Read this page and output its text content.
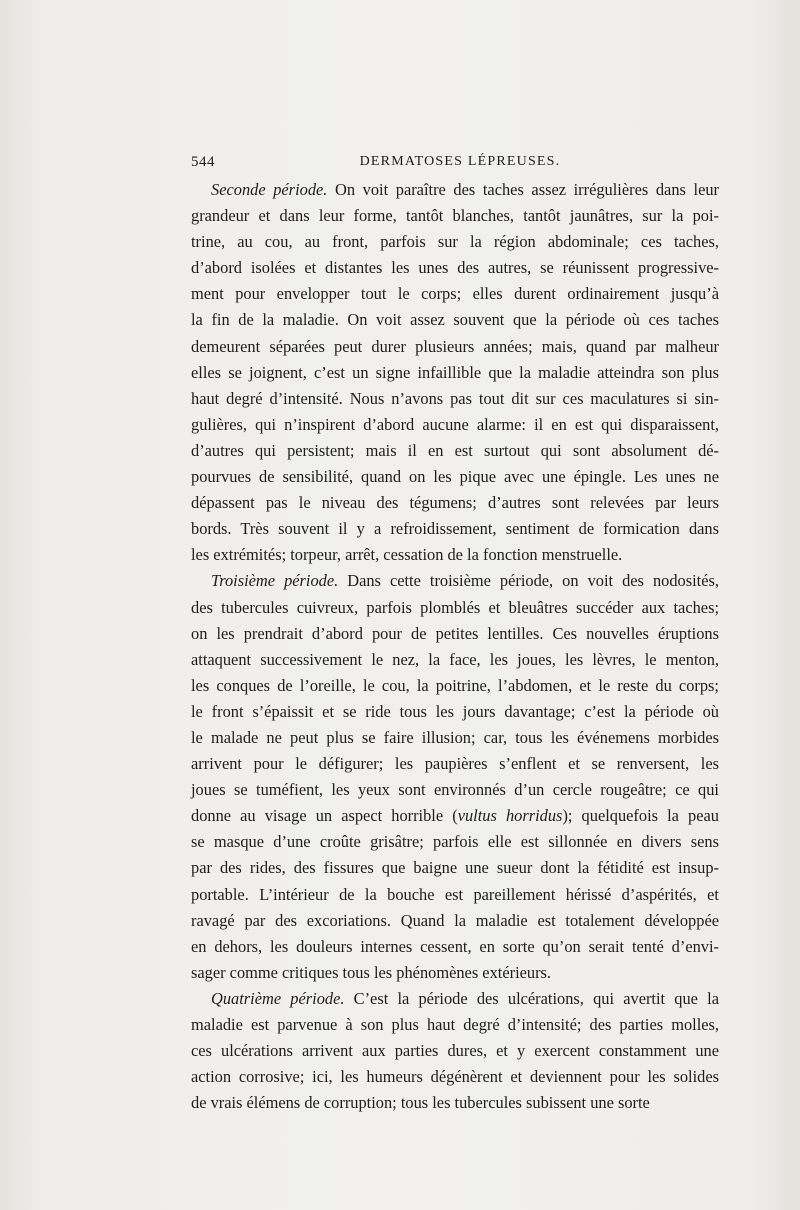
544	DERMATOSES LÉPREUSES.
Seconde période. On voit paraître des taches assez irrégulières dans leur
grandeur et dans leur forme, tantôt blanches, tantôt jaunâtres, sur la poi-
trine, au cou, au front, parfois sur la région abdominale; ces taches,
d’abord isolées et distantes les unes des autres, se réunissent progressive-
ment pour envelopper tout le corps; elles durent ordinairement jusqu’à
la fin de la maladie. On voit assez souvent que la période où ces taches
demeurent séparées peut durer plusieurs années; mais, quand par malheur
elles se joignent, c’est un signe infaillible que la maladie atteindra son plus
haut degré d’intensité. Nous n’avons pas tout dit sur ces maculatures si sin-
gulières, qui n’inspirent d’abord aucune alarme: il en est qui disparaissent,
d’autres qui persistent; mais il en est surtout qui sont absolument dé-
pourvues de sensibilité, quand on les pique avec une épingle. Les unes ne
dépassent pas le niveau des tégumens; d’autres sont relevées par leurs
bords. Très souvent il y a refroidissement, sentiment de formication dans
les extrémités; torpeur, arrêt, cessation de la fonction menstruelle.
Troisième période. Dans cette troisième période, on voit des nodosités,
des tubercules cuivreux, parfois plomblés et bleuâtres succéder aux taches;
on les prendrait d’abord pour de petites lentilles. Ces nouvelles éruptions
attaquent successivement le nez, la face, les joues, les lèvres, le menton,
les conques de l’oreille, le cou, la poitrine, l’abdomen, et le reste du corps;
le front s’épaissit et se ride tous les jours davantage; c’est la période où
le malade ne peut plus se faire illusion; car, tous les événemens morbides
arrivent pour le défigurer; les paupières s’enflent et se renversent, les
joues se tuméfient, les yeux sont environnés d’un cercle rougeâtre; ce qui
donne au visage un aspect horrible (vultus horridus); quelquefois la peau
se masque d’une croûte grisâtre; parfois elle est sillonnée en divers sens
par des rides, des fissures que baigne une sueur dont la fétidité est insup-
portable. L’intérieur de la bouche est pareillement hérissé d’aspérités, et
ravagé par des excoriations. Quand la maladie est totalement développée
en dehors, les douleurs internes cessent, en sorte qu’on serait tenté d’envi-
sager comme critiques tous les phénomènes extérieurs.
Quatrième période. C’est la période des ulcérations, qui avertit que la
maladie est parvenue à son plus haut degré d’intensité; des parties molles,
ces ulcérations arrivent aux parties dures, et y exercent constamment une
action corrosive; ici, les humeurs dégénèrent et deviennent pour les solides
de vrais élémens de corruption; tous les tubercules subissent une sorte
